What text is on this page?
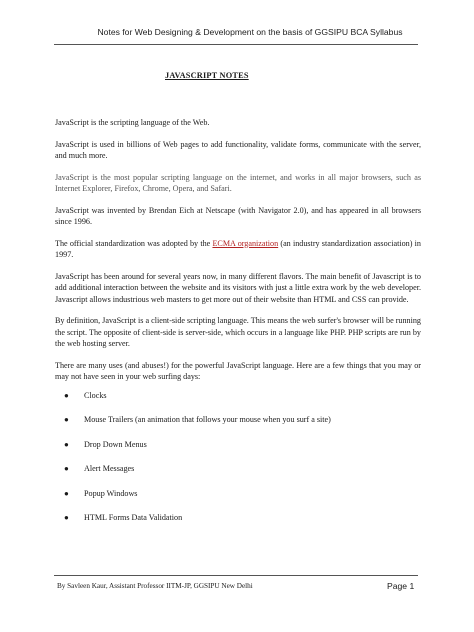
Notes for Web Designing & Development on the basis of GGSIPU BCA Syllabus
JAVASCRIPT NOTES

JavaScript is the scripting language of the Web.

JavaScript is used in billions of Web pages to add functionality, validate forms, communicate with the server, and much more.

JavaScript is the most popular scripting language on the internet, and works in all major browsers, such as Internet Explorer, Firefox, Chrome, Opera, and Safari.

JavaScript was invented by Brendan Eich at Netscape (with Navigator 2.0), and has appeared in all browsers since 1996.

The official standardization was adopted by the ECMA organization (an industry standardization association) in 1997.

JavaScript has been around for several years now, in many different flavors. The main benefit of Javascript is to add additional interaction between the website and its visitors with just a little extra work by the web developer. Javascript allows industrious web masters to get more out of their website than HTML and CSS can provide.

By definition, JavaScript is a client-side scripting language. This means the web surfer's browser will be running the script. The opposite of client-side is server-side, which occurs in a language like PHP. PHP scripts are run by the web hosting server.

There are many uses (and abuses!) for the powerful JavaScript language. Here are a few things that you may or may not have seen in your web surfing days:

● Clocks
● Mouse Trailers (an animation that follows your mouse when you surf a site)
● Drop Down Menus
● Alert Messages
● Popup Windows
● HTML Forms Data Validation
By Savleen Kaur, Assistant Professor IITM-JP, GGSIPU New Delhi	Page 1
